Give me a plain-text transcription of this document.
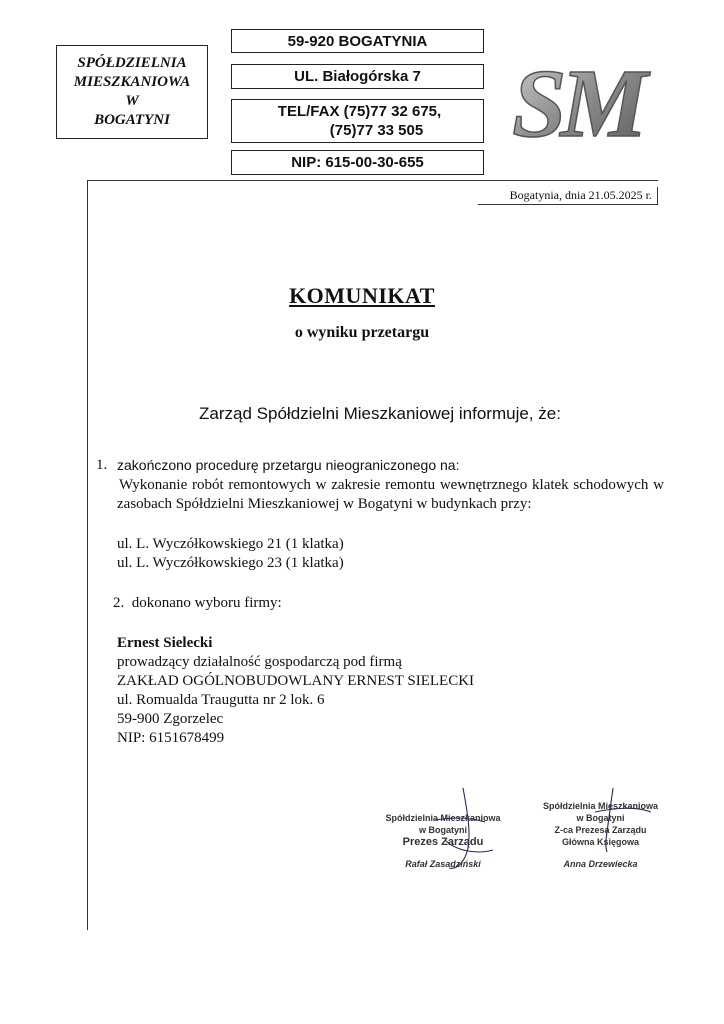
SPÓŁDZIELNIA
MIESZKANIOWA
W
BOGATYNI
59-920 BOGATYNIA
UL. Białogórska 7
TEL/FAX (75)77 32 675,
(75)77 33 505
NIP: 615-00-30-655
SM
Bogatynia, dnia 21.05.2025 r.
KOMUNIKAT
o wyniku przetargu
Zarząd Spółdzielni Mieszkaniowej informuje, że:
1. zakończono procedurę przetargu nieograniczonego na:
Wykonanie robót remontowych w zakresie remontu wewnętrznego klatek schodowych w zasobach Spółdzielni Mieszkaniowej w Bogatyni w budynkach przy:
ul. L. Wyczółkowskiego 21 (1 klatka)
ul. L. Wyczółkowskiego 23 (1 klatka)
2. dokonano wyboru firmy:
Ernest Sielecki
prowadzący działalność gospodarczą pod firmą
ZAKŁAD OGÓLNOBUDOWLANY ERNEST SIELECKI
ul. Romualda Traugutta nr 2 lok. 6
59-900 Zgorzelec
NIP: 6151678499
Spółdzielnia Mieszkaniowa
w Bogatyni
Prezes Zarządu
Rafał Zasadziński
Spółdzielnia Mieszkaniowa
w Bogatyni
Z-ca Prezesa Zarządu
Główna Księgowa
Anna Drzewiecka
